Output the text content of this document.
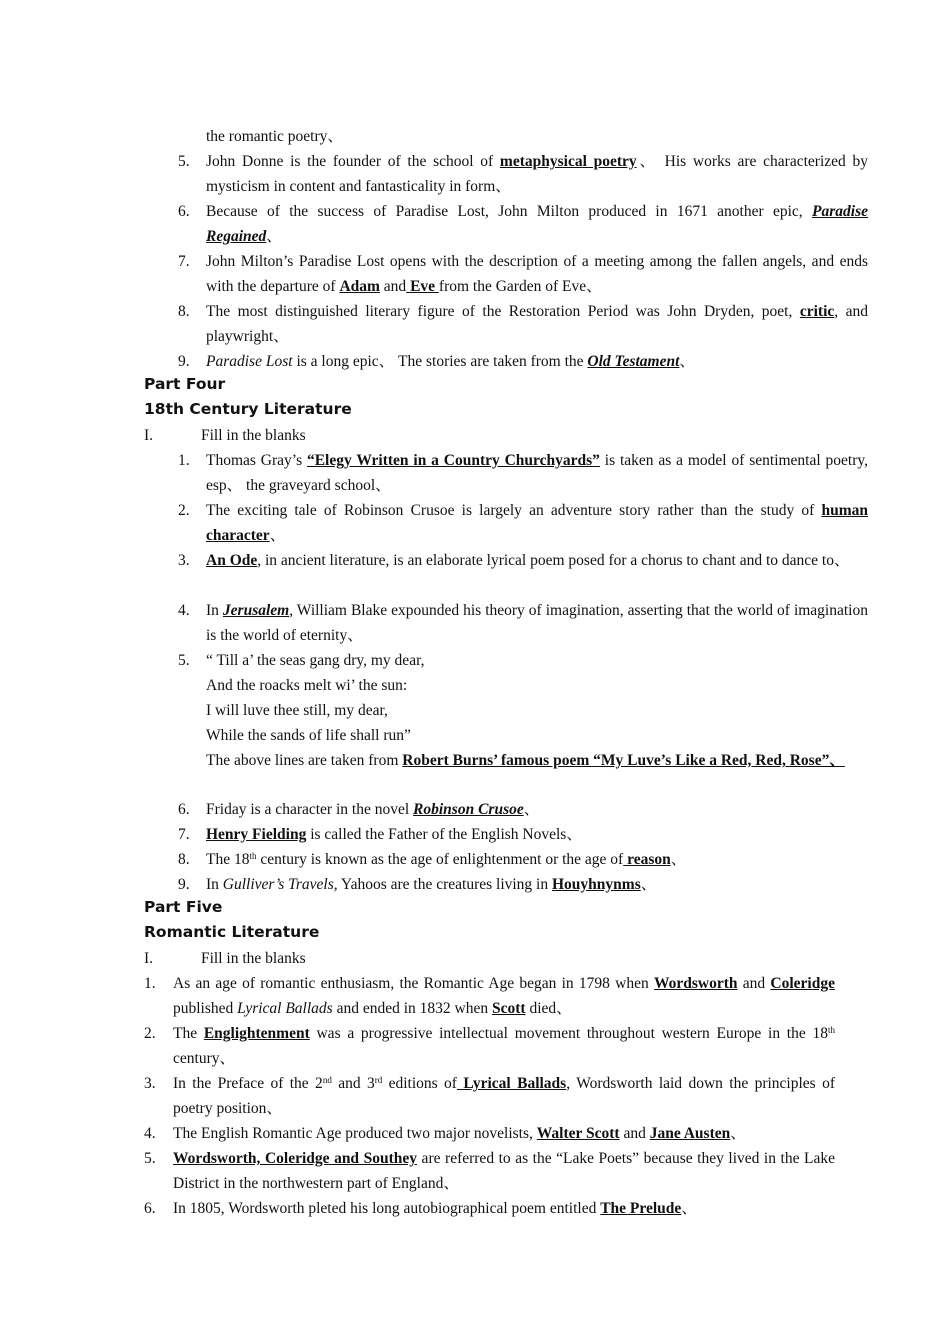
the romantic poetry、
5. John Donne is the founder of the school of metaphysical poetry、 His works are characterized by mysticism in content and fantasticality in form、
6. Because of the success of Paradise Lost, John Milton produced in 1671 another epic, Paradise Regained、
7. John Milton’s Paradise Lost opens with the description of a meeting among the fallen angels, and ends with the departure of Adam and Eve from the Garden of Eve、
8. The most distinguished literary figure of the Restoration Period was John Dryden, poet, critic, and playwright、
9. Paradise Lost is a long epic、 The stories are taken from the Old Testament、
Part Four
18th Century Literature
I.	Fill in the blanks
1. Thomas Gray’s “Elegy Written in a Country Churchyards” is taken as a model of sentimental poetry, esp、 the graveyard school、
2. The exciting tale of Robinson Crusoe is largely an adventure story rather than the study of human character、
3. An Ode, in ancient literature, is an elaborate lyrical poem posed for a chorus to chant and to dance to、
4. In Jerusalem, William Blake expounded his theory of imagination, asserting that the world of imagination is the world of eternity、
5. “ Till a’ the seas gang dry, my dear,
And the roacks melt wi’ the sun:
I will luve thee still, my dear,
While the sands of life shall run”
The above lines are taken from Robert Burns’ famous poem “My Luve’s Like a Red, Red, Rose”、
6. Friday is a character in the novel Robinson Crusoe、
7. Henry Fielding is called the Father of the English Novels、
8. The 18th century is known as the age of enlightenment or the age of reason、
9. In Gulliver’s Travels, Yahoos are the creatures living in Houyhnynms、
Part Five
Romantic Literature
I.	Fill in the blanks
1. As an age of romantic enthusiasm, the Romantic Age began in 1798 when Wordsworth and Coleridge published Lyrical Ballads and ended in 1832 when Scott died、
2. The Englightenment was a progressive intellectual movement throughout western Europe in the 18th century、
3. In the Preface of the 2nd and 3rd editions of Lyrical Ballads, Wordsworth laid down the principles of poetry position、
4. The English Romantic Age produced two major novelists, Walter Scott and Jane Austen、
5. Wordsworth, Coleridge and Southey are referred to as the “Lake Poets” because they lived in the Lake District in the northwestern part of England、
6. In 1805, Wordsworth pleted his long autobiographical poem entitled The Prelude、
